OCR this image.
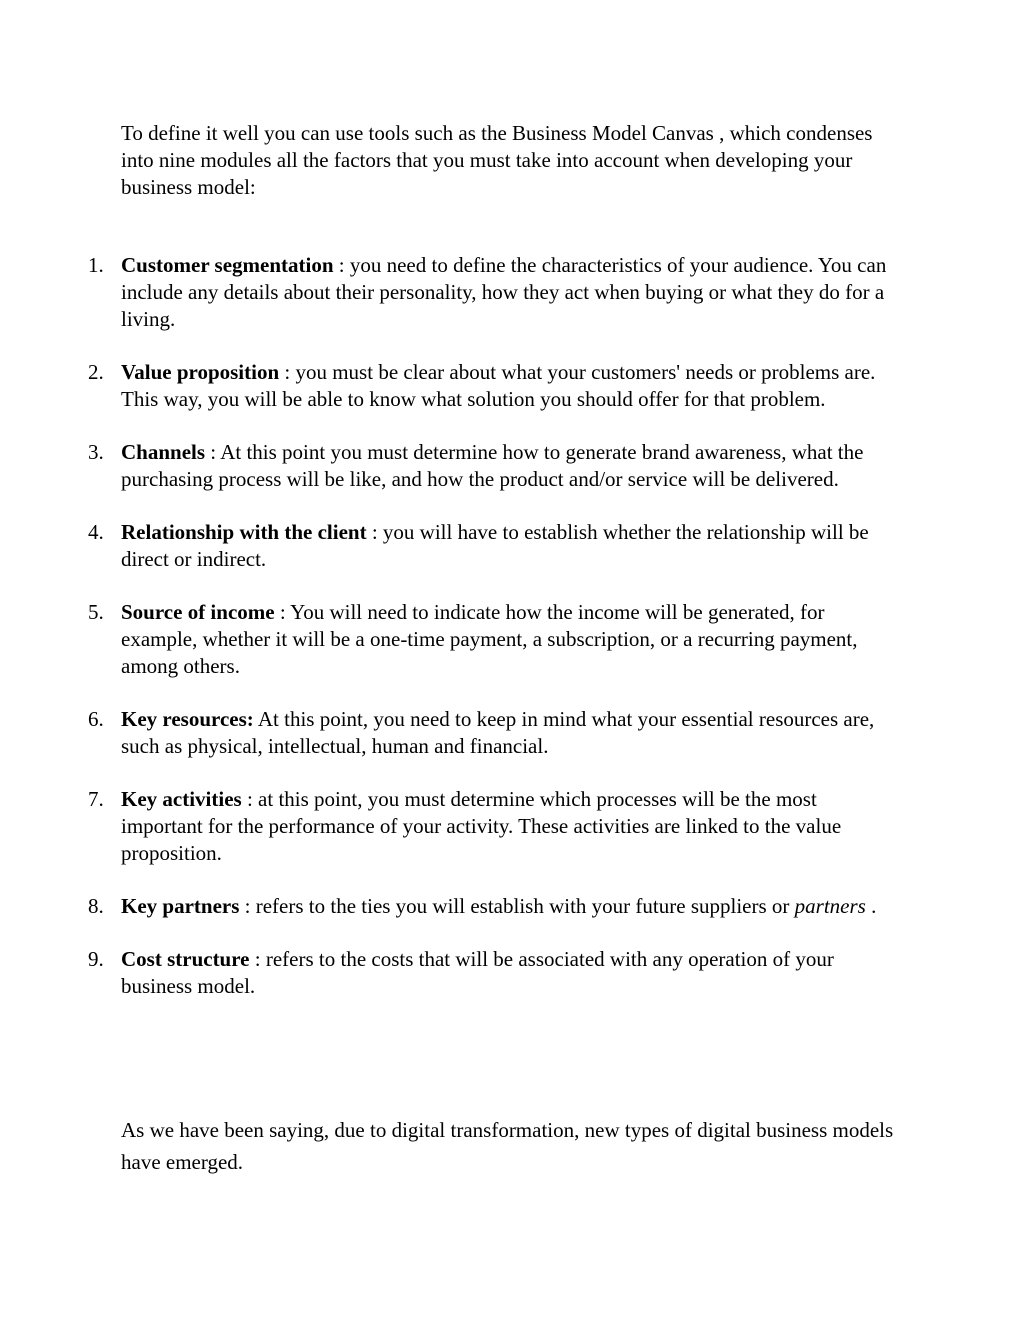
To define it well you can use tools such as the Business Model Canvas , which condenses into nine modules all the factors that you must take into account when developing your business model:

1. Customer segmentation : you need to define the characteristics of your audience. You can include any details about their personality, how they act when buying or what they do for a living.
2. Value proposition : you must be clear about what your customers' needs or problems are. This way, you will be able to know what solution you should offer for that problem.
3. Channels : At this point you must determine how to generate brand awareness, what the purchasing process will be like, and how the product and/or service will be delivered.
4. Relationship with the client : you will have to establish whether the relationship will be direct or indirect.
5. Source of income : You will need to indicate how the income will be generated, for example, whether it will be a one-time payment, a subscription, or a recurring payment, among others.
6. Key resources: At this point, you need to keep in mind what your essential resources are, such as physical, intellectual, human and financial.
7. Key activities : at this point, you must determine which processes will be the most important for the performance of your activity. These activities are linked to the value proposition.
8. Key partners : refers to the ties you will establish with your future suppliers or partners .
9. Cost structure : refers to the costs that will be associated with any operation of your business model.

As we have been saying, due to digital transformation, new types of digital business models have emerged.
